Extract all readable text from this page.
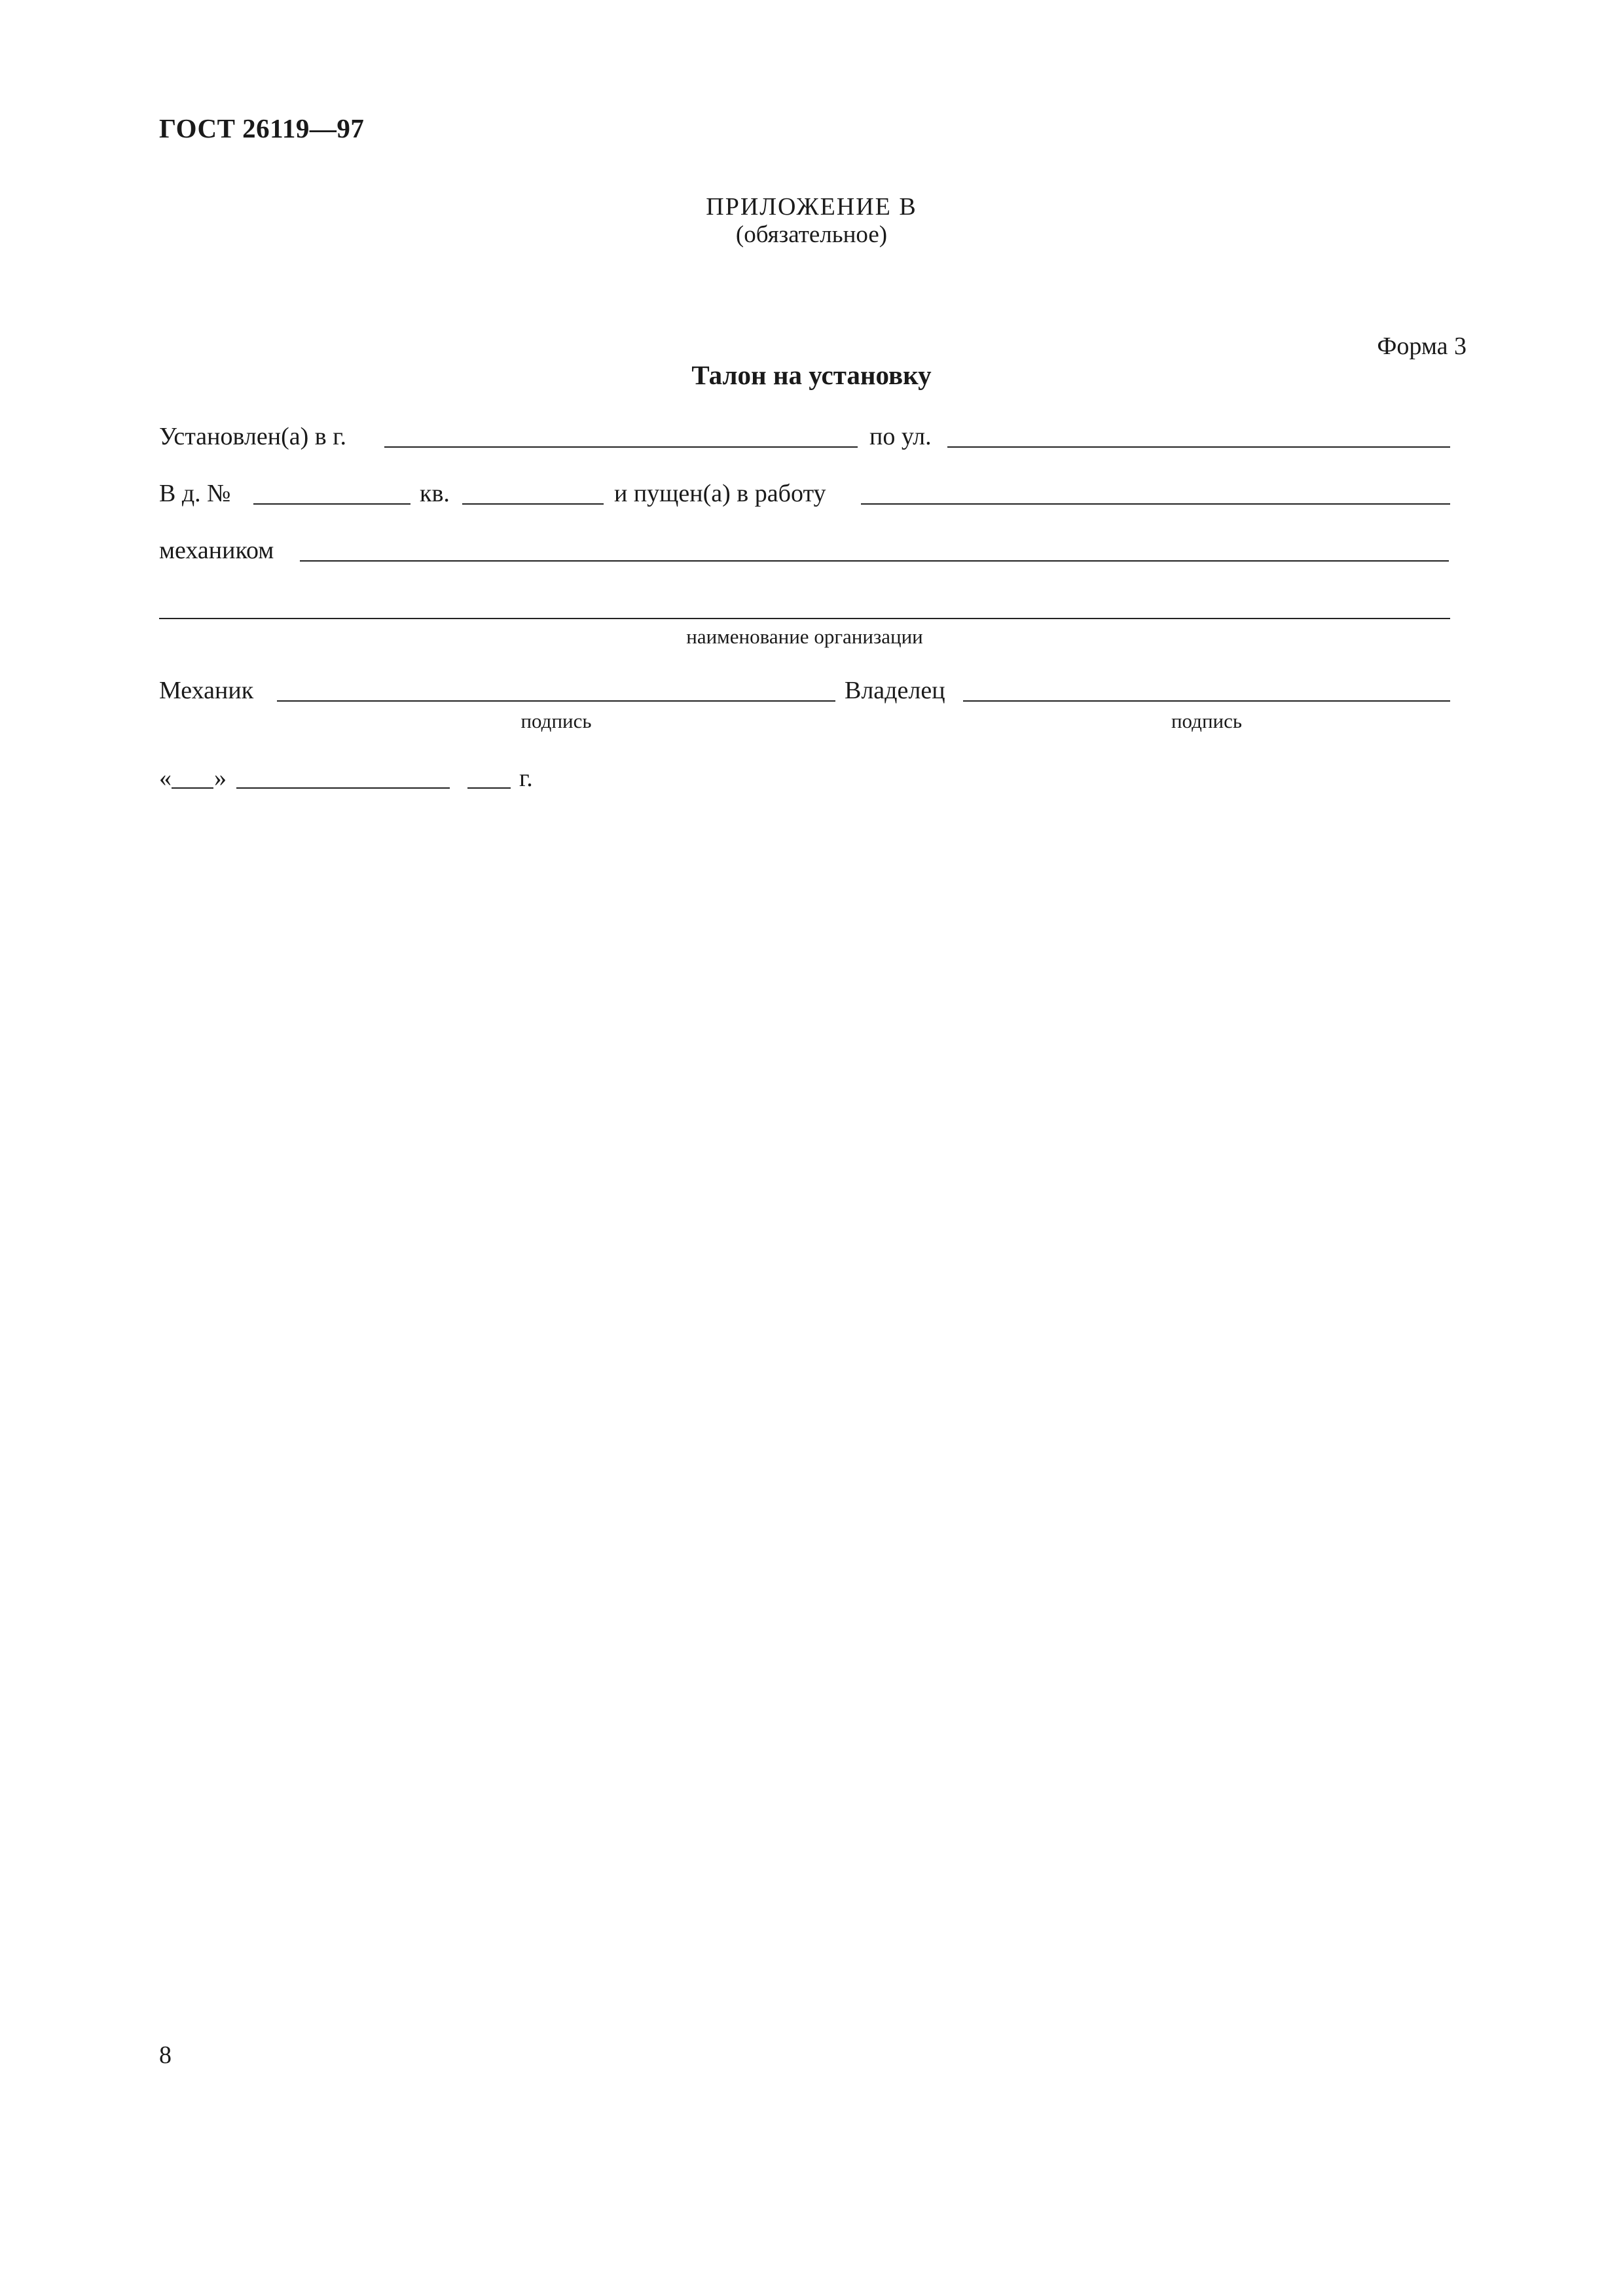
ГОСТ 26119—97
ПРИЛОЖЕНИЕ В
(обязательное)
Форма 3
Талон на установку
Установлен(а) в г.	по ул.
В д. №	кв.	и пущен(а) в работу
механиком
наименование организации
Механик
подпись
Владелец
подпись
« »	г.
8
